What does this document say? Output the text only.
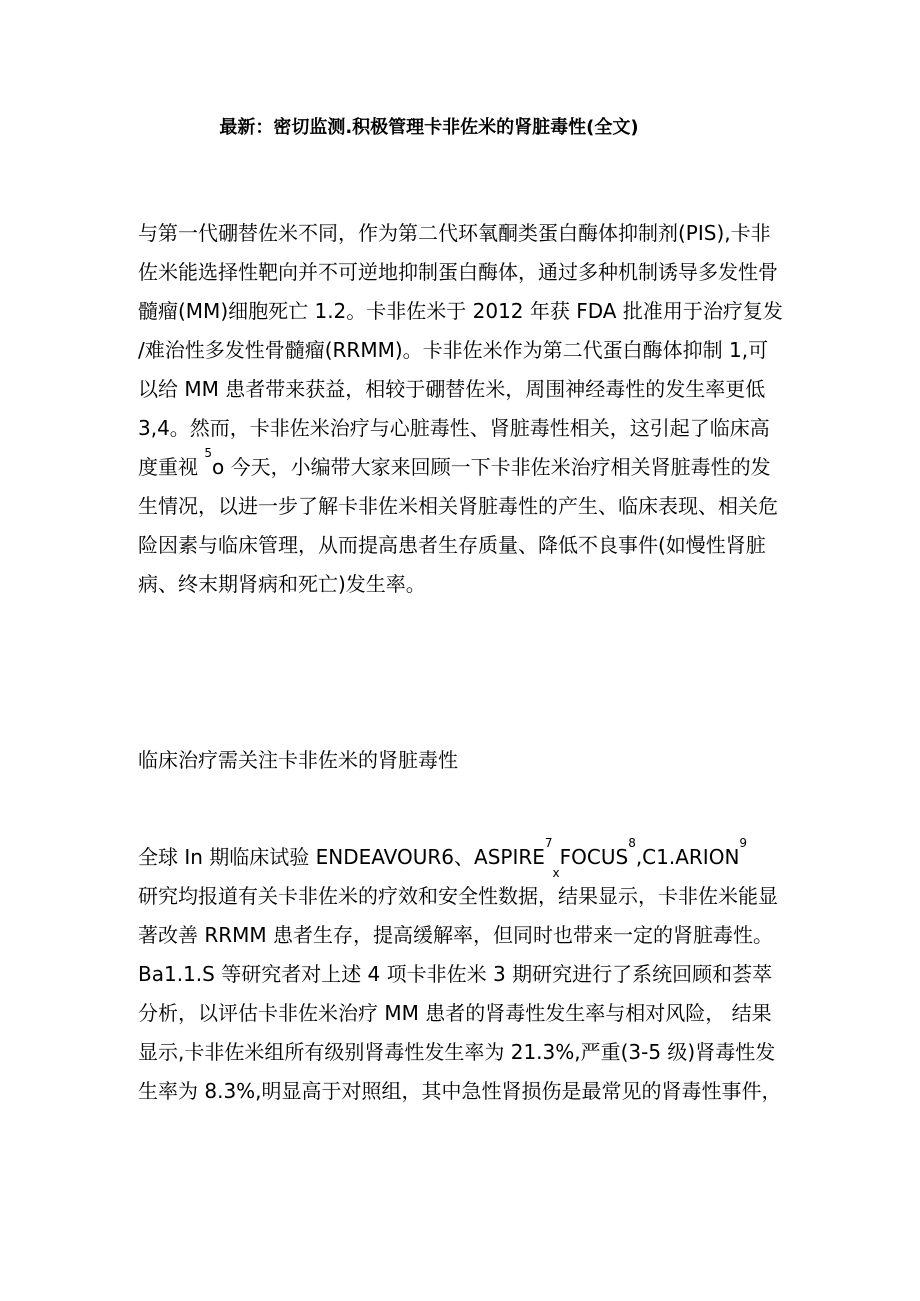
最新：密切监测.积极管理卡非佐米的肾脏毒性(全文)
与第一代硼替佐米不同，作为第二代环氧酮类蛋白酶体抑制剂(PIS),卡非
佐米能选择性靶向并不可逆地抑制蛋白酶体，通过多种机制诱导多发性骨
髓瘤(MM)细胞死亡 1.2。卡非佐米于 2012 年获 FDA 批准用于治疗复发
/难治性多发性骨髓瘤(RRMM)。卡非佐米作为第二代蛋白酶体抑制 1,可
以给 MM 患者带来获益，相较于硼替佐米，周围神经毒性的发生率更低
3,4。然而，卡非佐米治疗与心脏毒性、肾脏毒性相关，这引起了临床高
度重视 $^5$o 今天，小编带大家来回顾一下卡非佐米治疗相关肾脏毒性的发
生情况，以进一步了解卡非佐米相关肾脏毒性的产生、临床表现、相关危
险因素与临床管理，从而提高患者生存质量、降低不良事件(如慢性肾脏
病、终末期肾病和死亡)发生率。
临床治疗需关注卡非佐米的肾脏毒性
全球 In 期临床试验 ENDEAVOUR6、$ASPIRE^7_xFOCUS^8,C1.ARION^9$
研究均报道有关卡非佐米的疗效和安全性数据，结果显示，卡非佐米能显
著改善 RRMM 患者生存，提高缓解率，但同时也带来一定的肾脏毒性。
Ba1.1.S 等研究者对上述 4 项卡非佐米 3 期研究进行了系统回顾和荟萃
分析，以评估卡非佐米治疗 MM 患者的肾毒性发生率与相对风险， 结果
显示,卡非佐米组所有级别肾毒性发生率为 21.3%,严重(3-5 级)肾毒性发
生率为 8.3%,明显高于对照组，其中急性肾损伤是最常见的肾毒性事件，
